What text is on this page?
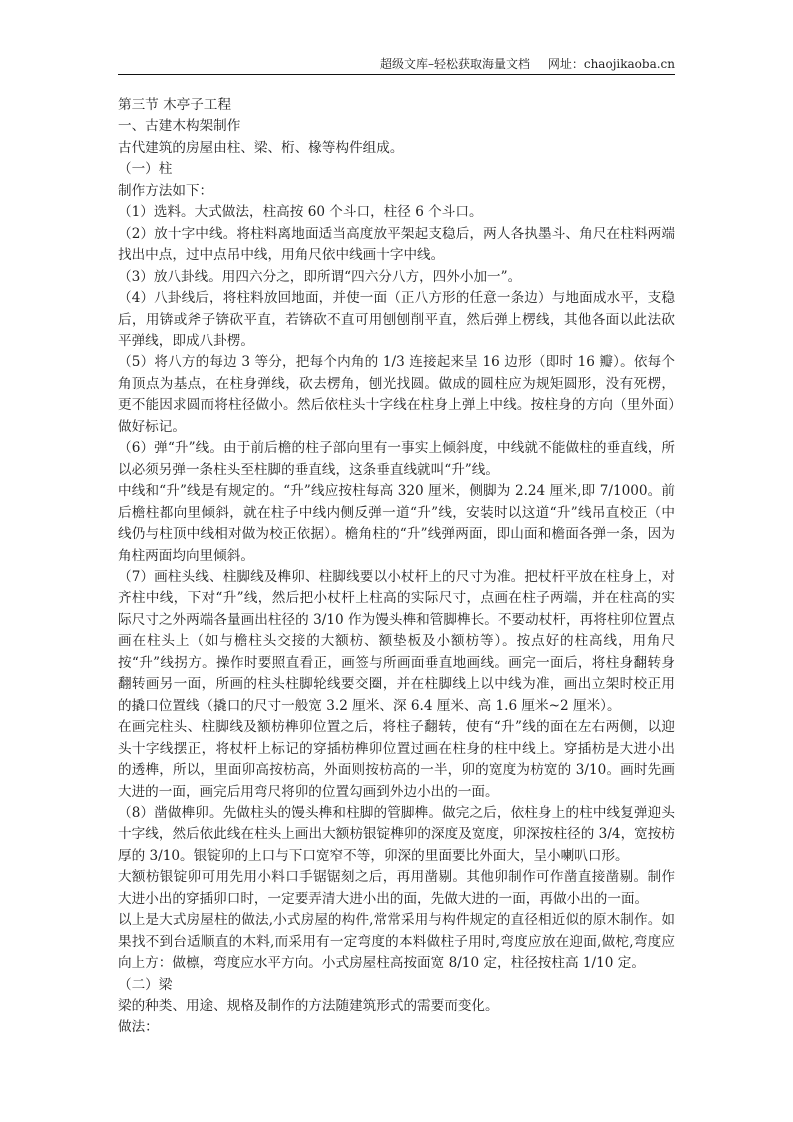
超级文库–轻松获取海量文档 网址：chaojikaoba.cn

第三节 木亭子工程

一、古建木构架制作

古代建筑的房屋由柱、梁、桁、椽等构件组成。

（一）柱

制作方法如下：

（1）选料。大式做法，柱高按 60 个斗口，柱径 6 个斗口。

（2）放十字中线。将柱料离地面适当高度放平架起支稳后，两人各执墨斗、角尺在柱料两端找出中点，过中点吊中线，用角尺依中线画十字中线。

（3）放八卦线。用四六分之，即所谓“四六分八方，四外小加一”。

（4）八卦线后，将柱料放回地面，并使一面（正八方形的任意一条边）与地面成水平，支稳后，用锛或斧子锛砍平直，若锛砍不直可用刨刨削平直，然后弹上楞线，其他各面以此法砍平弹线，即成八卦楞。

（5）将八方的每边 3 等分，把每个内角的 1/3 连接起来呈 16 边形（即时 16 瓣）。依每个角顶点为基点，在柱身弹线，砍去楞角，刨光找圆。做成的圆柱应为规矩圆形，没有死楞，更不能因求圆而将柱径做小。然后依柱头十字线在柱身上弹上中线。按柱身的方向（里外面）做好标记。

（6）弹“升”线。由于前后檐的柱子部向里有一事实上倾斜度，中线就不能做柱的垂直线，所以必须另弹一条柱头至柱脚的垂直线，这条垂直线就叫“升”线。

中线和“升”线是有规定的。“升”线应按柱每高 320 厘米，侧脚为 2.24 厘米,即 7/1000。前后檐柱都向里倾斜，就在柱子中线内侧反弹一道“升”线，安装时以这道“升”线吊直校正（中线仍与柱顶中线相对做为校正依据）。檐角柱的“升”线弹两面，即山面和檐面各弹一条，因为角柱两面均向里倾斜。

（7）画柱头线、柱脚线及榫卯、柱脚线要以小杖杆上的尺寸为准。把杖杆平放在柱身上，对齐柱中线，下对“升”线，然后把小杖杆上柱高的实际尺寸，点画在柱子两端，并在柱高的实际尺寸之外两端各量画出柱径的 3/10 作为馒头榫和管脚榫长。不要动杖杆，再将柱卯位置点画在柱头上（如与檐柱头交接的大额枋、额垫板及小额枋等）。按点好的柱高线，用角尺按“升”线拐方。操作时要照直看正，画签与所画面垂直地画线。画完一面后，将柱身翻转身翻转画另一面，所画的柱头柱脚轮线要交圈，并在柱脚线上以中线为准，画出立架时校正用的撬口位置线（撬口的尺寸一般宽 3.2 厘米、深 6.4 厘米、高 1.6 厘米~2 厘米）。

在画完柱头、柱脚线及额枋榫卯位置之后，将柱子翻转，使有“升”线的面在左右两侧，以迎头十字线摆正，将杖杆上标记的穿插枋榫卯位置过画在柱身的柱中线上。穿插枋是大进小出的透榫，所以，里面卯高按枋高，外面则按枋高的一半，卯的宽度为枋宽的 3/10。画时先画大进的一面，画完后用弯尺将卯的位置勾画到外边小出的一面。

（8）凿做榫卯。先做柱头的馒头榫和柱脚的管脚榫。做完之后，依柱身上的柱中线复弹迎头十字线，然后依此线在柱头上画出大额枋银锭榫卯的深度及宽度，卯深按柱径的 3/4，宽按枋厚的 3/10。银锭卯的上口与下口宽窄不等，卯深的里面要比外面大，呈小喇叭口形。

大额枋银锭卯可用先用小料口手锯锯刻之后，再用凿剔。其他卯制作可作凿直接凿剔。制作大进小出的穿插卯口时，一定要弄清大进小出的面，先做大进的一面，再做小出的一面。

以上是大式房屋柱的做法,小式房屋的构件,常常采用与构件规定的直径相近似的原木制作。如果找不到台适顺直的木料,而采用有一定弯度的本料做柱子用时,弯度应放在迎面,做柁,弯度应向上方：做檩，弯度应水平方向。小式房屋柱高按面宽 8/10 定，柱径按柱高 1/10 定。

（二）梁

梁的种类、用途、规格及制作的方法随建筑形式的需要而变化。

做法：
